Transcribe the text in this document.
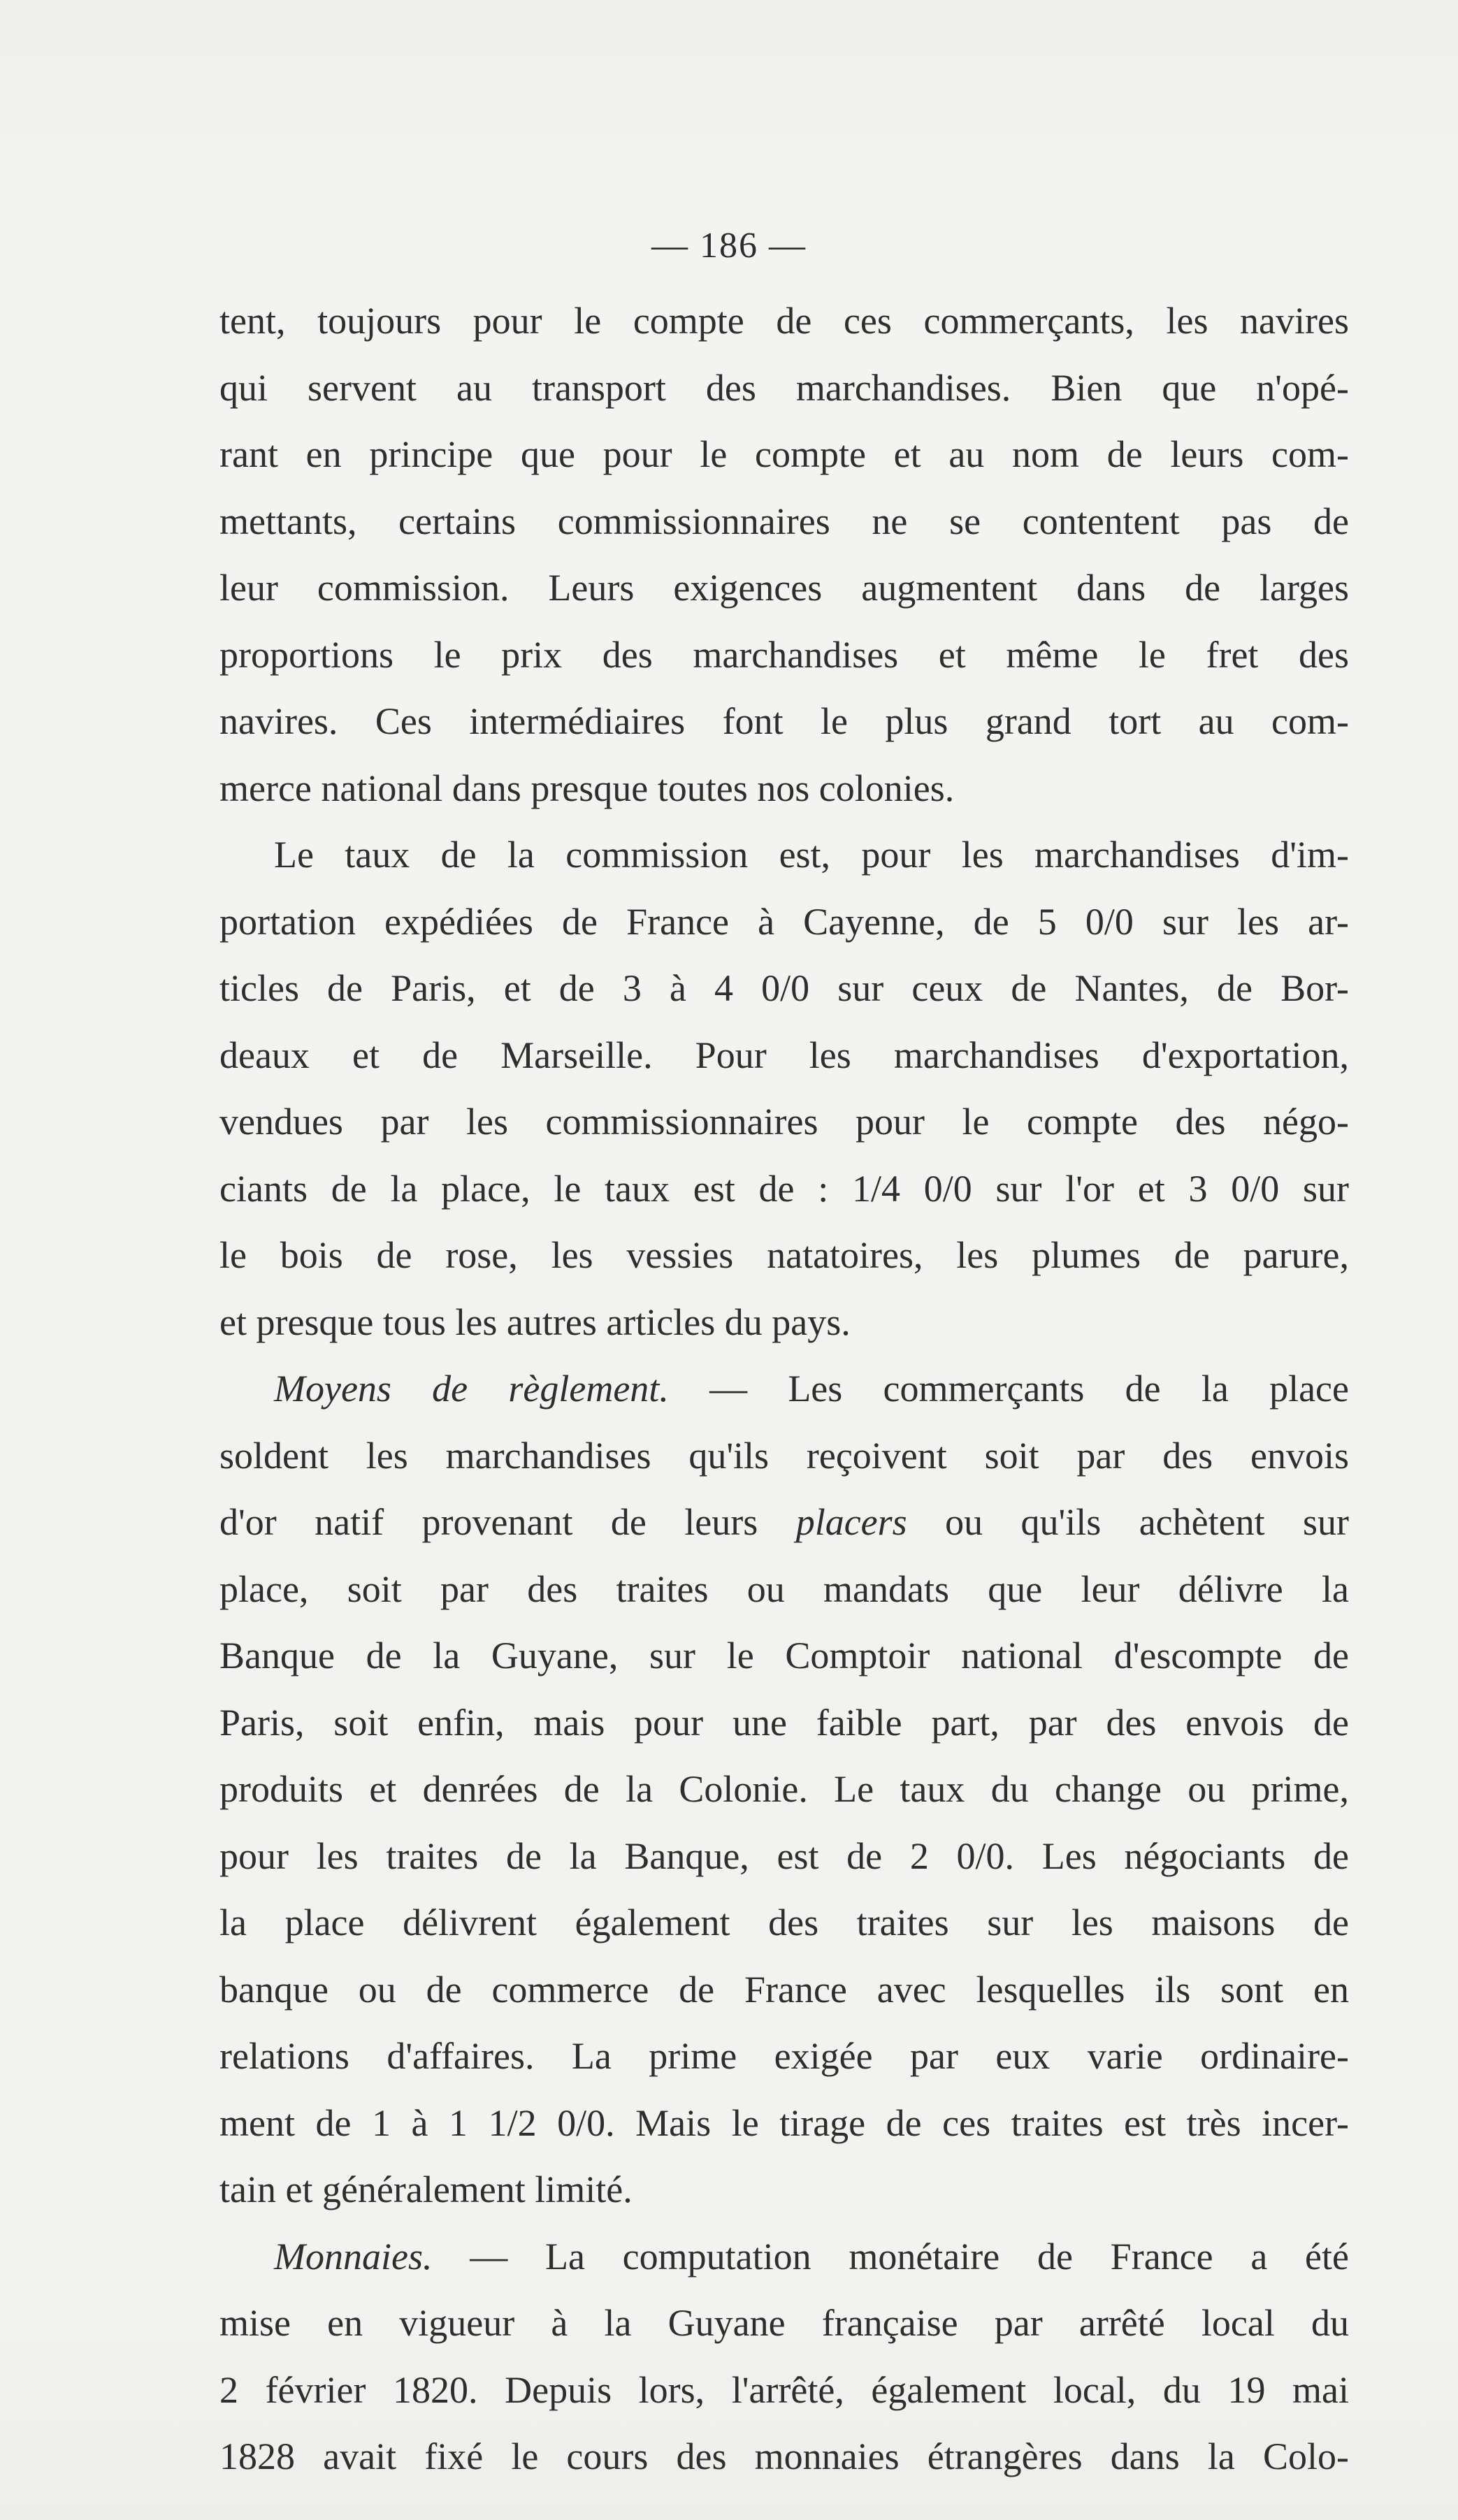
— 186 —
tent, toujours pour le compte de ces commerçants, les navires
qui servent au transport des marchandises. Bien que n'opé-
rant en principe que pour le compte et au nom de leurs com-
mettants, certains commissionnaires ne se contentent pas de
leur commission. Leurs exigences augmentent dans de larges
proportions le prix des marchandises et même le fret des
navires. Ces intermédiaires font le plus grand tort au com-
merce national dans presque toutes nos colonies.
Le taux de la commission est, pour les marchandises d'im-
portation expédiées de France à Cayenne, de 5 0/0 sur les ar-
ticles de Paris, et de 3 à 4 0/0 sur ceux de Nantes, de Bor-
deaux et de Marseille. Pour les marchandises d'exportation,
vendues par les commissionnaires pour le compte des négo-
ciants de la place, le taux est de : 1/4 0/0 sur l'or et 3 0/0 sur
le bois de rose, les vessies natatoires, les plumes de parure,
et presque tous les autres articles du pays.
Moyens de règlement. — Les commerçants de la place
soldent les marchandises qu'ils reçoivent soit par des envois
d'or natif provenant de leurs placers ou qu'ils achètent sur
place, soit par des traites ou mandats que leur délivre la
Banque de la Guyane, sur le Comptoir national d'escompte de
Paris, soit enfin, mais pour une faible part, par des envois de
produits et denrées de la Colonie. Le taux du change ou prime,
pour les traites de la Banque, est de 2 0/0. Les négociants de
la place délivrent également des traites sur les maisons de
banque ou de commerce de France avec lesquelles ils sont en
relations d'affaires. La prime exigée par eux varie ordinaire-
ment de 1 à 1 1/2 0/0. Mais le tirage de ces traites est très incer-
tain et généralement limité.
Monnaies. — La computation monétaire de France a été
mise en vigueur à la Guyane française par arrêté local du
2 février 1820. Depuis lors, l'arrêté, également local, du 19 mai
1828 avait fixé le cours des monnaies étrangères dans la Colo-
